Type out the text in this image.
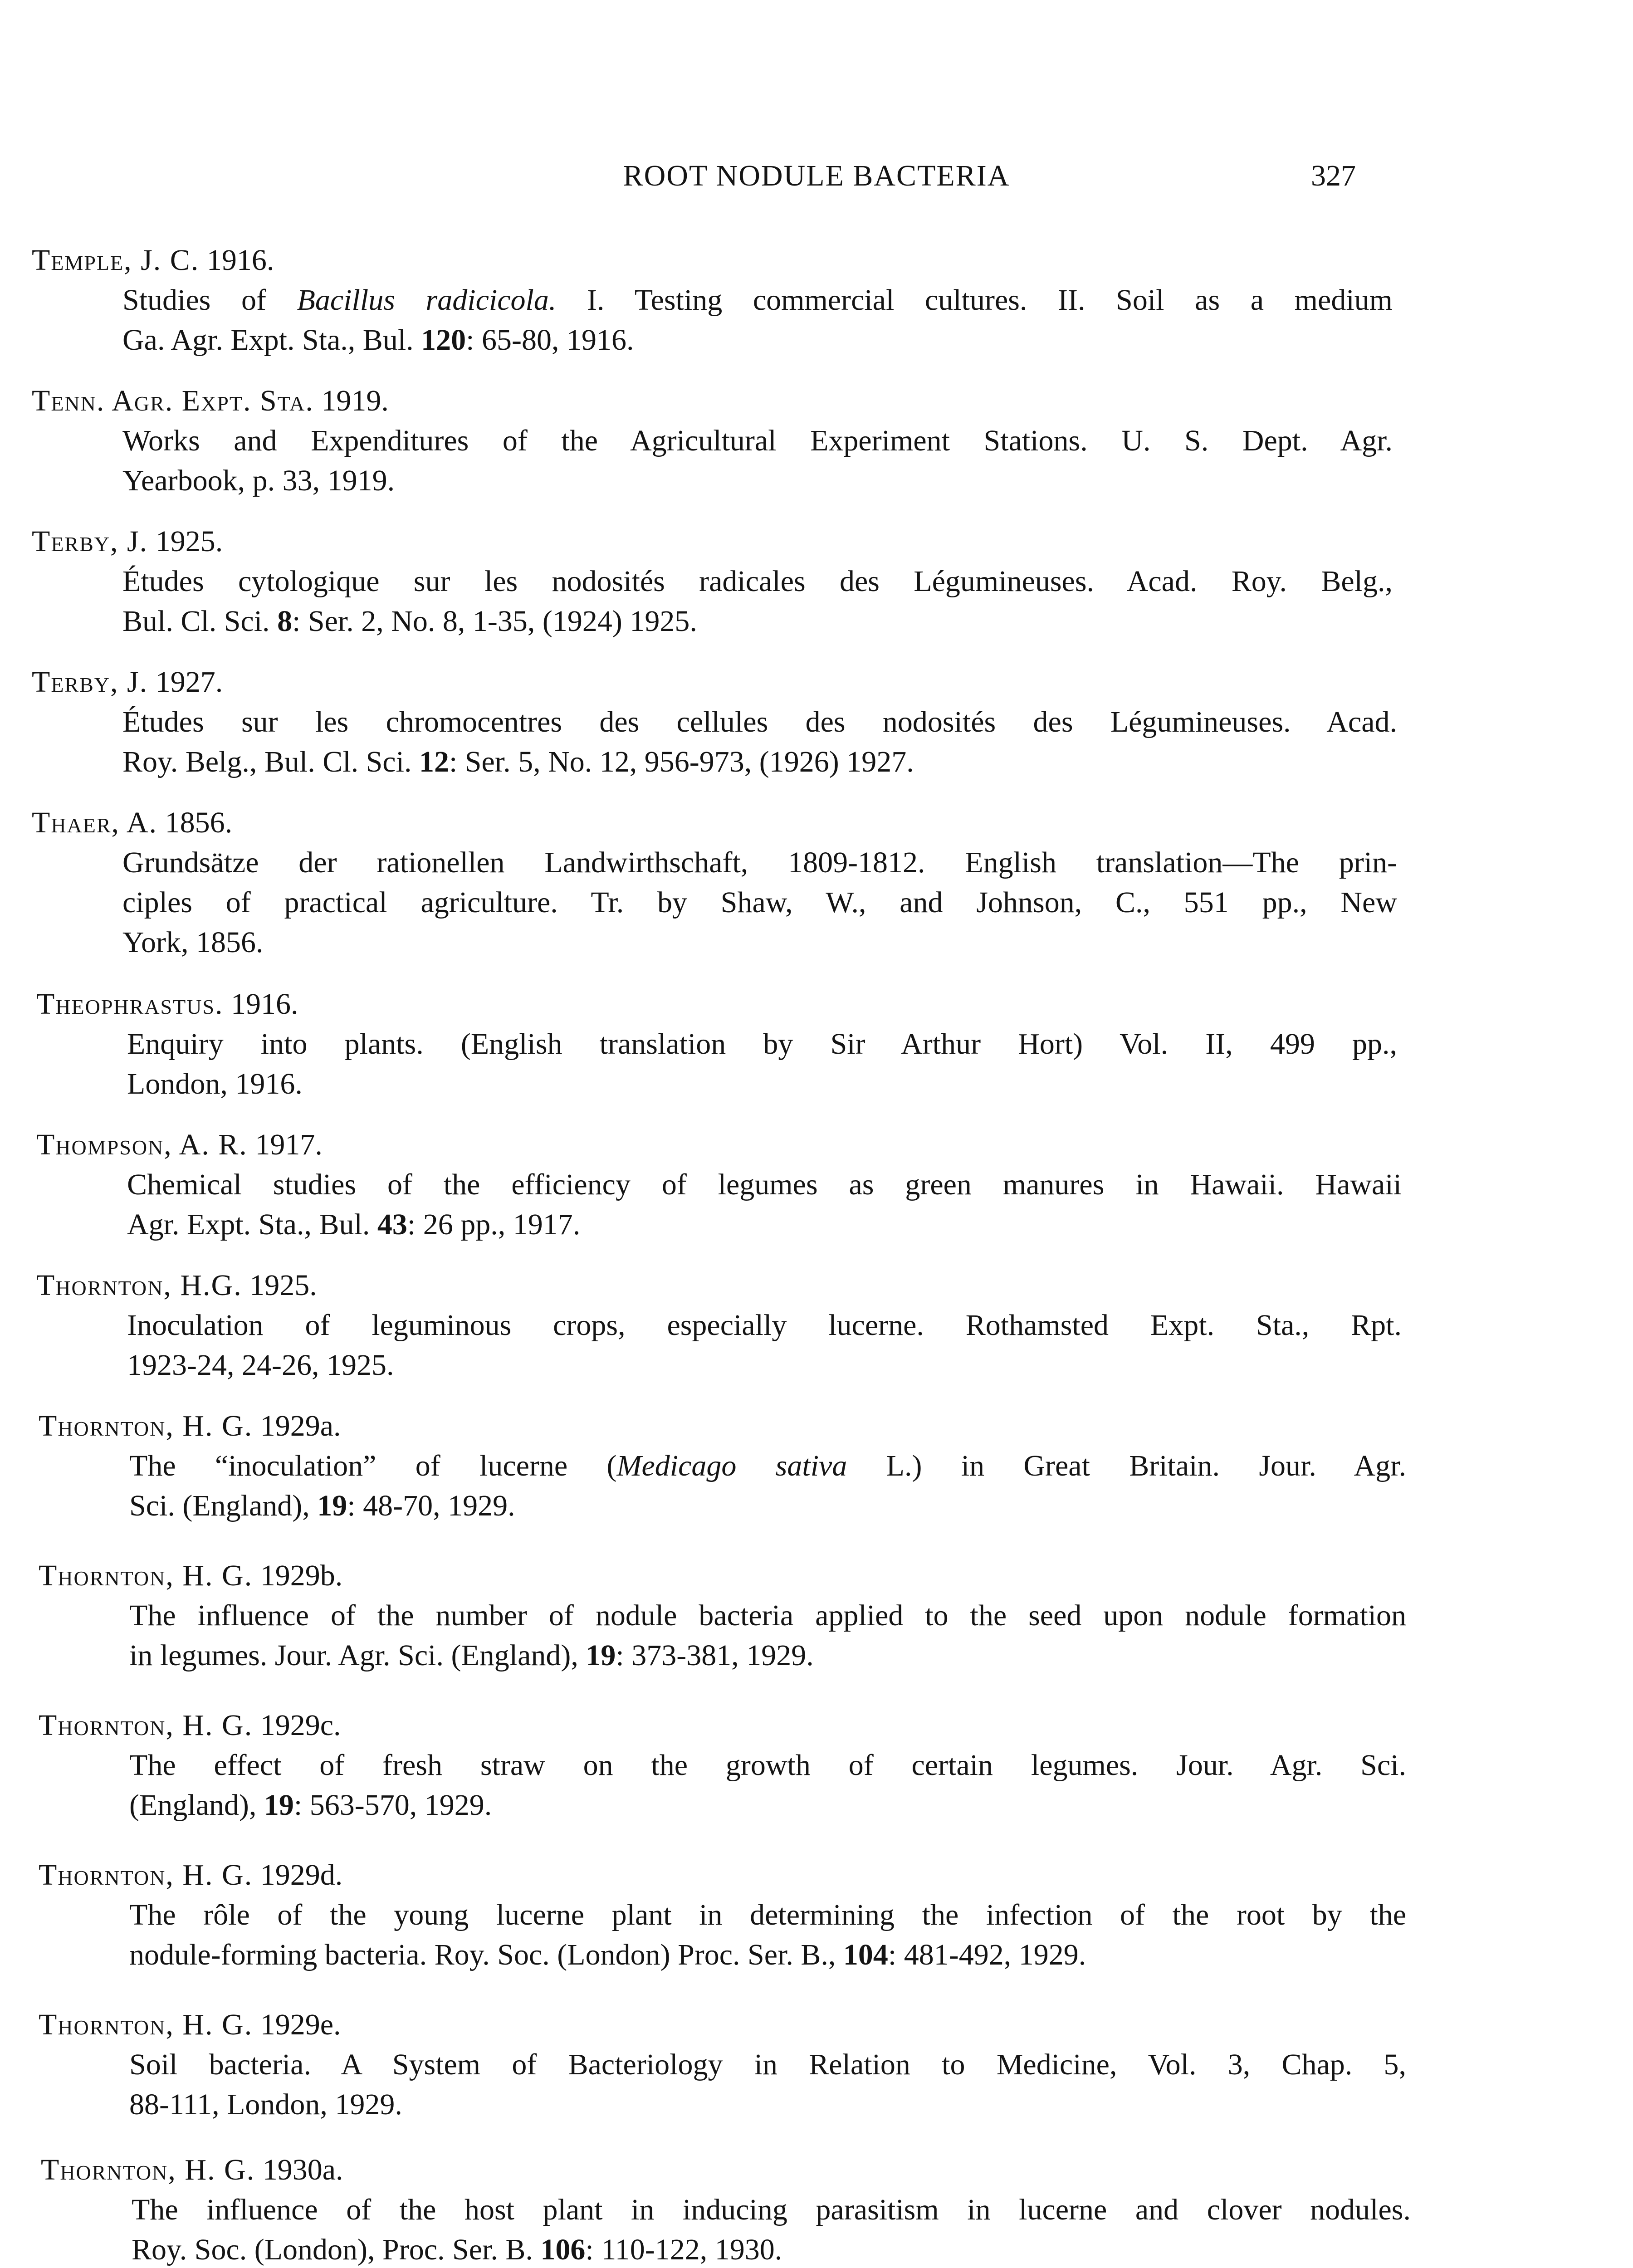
ROOT NODULE BACTERIA	327
Temple, J. C. 1916.
Studies of Bacillus radicicola. I. Testing commercial cultures. II. Soil as a medium
Ga. Agr. Expt. Sta., Bul. 120: 65-80, 1916.
Tenn. Agr. Expt. Sta. 1919.
Works and Expenditures of the Agricultural Experiment Stations. U. S. Dept. Agr.
Yearbook, p. 33, 1919.
Terby, J. 1925.
Études cytologique sur les nodosités radicales des Légumineuses. Acad. Roy. Belg.,
Bul. Cl. Sci. 8: Ser. 2, No. 8, 1-35, (1924) 1925.
Terby, J. 1927.
Études sur les chromocentres des cellules des nodosités des Légumineuses. Acad.
Roy. Belg., Bul. Cl. Sci. 12: Ser. 5, No. 12, 956-973, (1926) 1927.
Thaer, A. 1856.
Grundsätze der rationellen Landwirthschaft, 1809-1812. English translation—The prin-
ciples of practical agriculture. Tr. by Shaw, W., and Johnson, C., 551 pp., New
York, 1856.
Theophrastus. 1916.
Enquiry into plants. (English translation by Sir Arthur Hort) Vol. II, 499 pp.,
London, 1916.
Thompson, A. R. 1917.
Chemical studies of the efficiency of legumes as green manures in Hawaii. Hawaii
Agr. Expt. Sta., Bul. 43: 26 pp., 1917.
Thornton, H.G. 1925.
Inoculation of leguminous crops, especially lucerne. Rothamsted Expt. Sta., Rpt.
1923-24, 24-26, 1925.
Thornton, H. G. 1929a.
The “inoculation” of lucerne (Medicago sativa L.) in Great Britain. Jour. Agr.
Sci. (England), 19: 48-70, 1929.
Thornton, H. G. 1929b.
The influence of the number of nodule bacteria applied to the seed upon nodule formation
in legumes. Jour. Agr. Sci. (England), 19: 373-381, 1929.
Thornton, H. G. 1929c.
The effect of fresh straw on the growth of certain legumes. Jour. Agr. Sci.
(England), 19: 563-570, 1929.
Thornton, H. G. 1929d.
The rôle of the young lucerne plant in determining the infection of the root by the
nodule-forming bacteria. Roy. Soc. (London) Proc. Ser. B., 104: 481-492, 1929.
Thornton, H. G. 1929e.
Soil bacteria. A System of Bacteriology in Relation to Medicine, Vol. 3, Chap. 5,
88-111, London, 1929.
Thornton, H. G. 1930a.
The influence of the host plant in inducing parasitism in lucerne and clover nodules.
Roy. Soc. (London), Proc. Ser. B. 106: 110-122, 1930.
